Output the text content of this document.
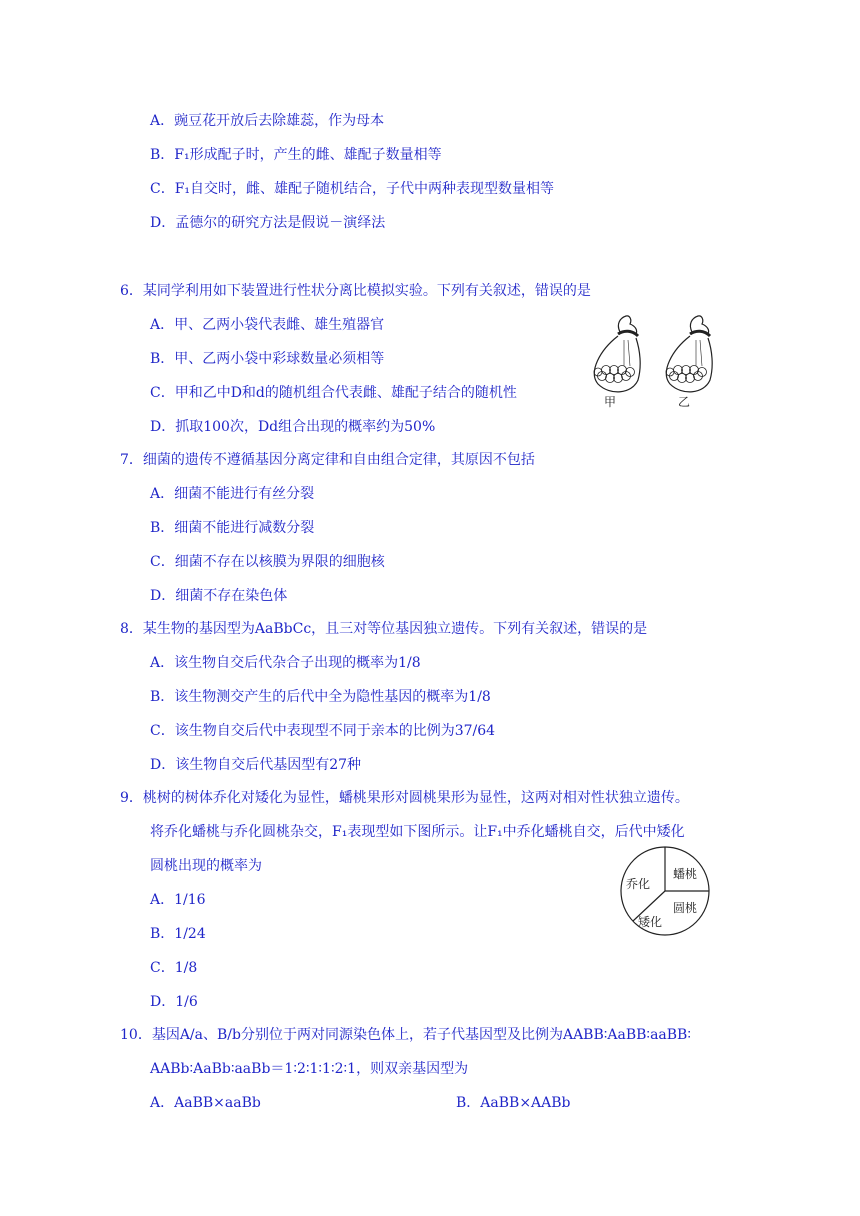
A．豌豆花开放后去除雄蕊，作为母本
B．F₁形成配子时，产生的雌、雄配子数量相等
C．F₁自交时，雌、雄配子随机结合，子代中两种表现型数量相等
D．孟德尔的研究方法是假说－演绎法
6．某同学利用如下装置进行性状分离比模拟实验。下列有关叙述，错误的是
A．甲、乙两小袋代表雌、雄生殖器官
B．甲、乙两小袋中彩球数量必须相等
C．甲和乙中D和d的随机组合代表雌、雄配子结合的随机性
D．抓取100次，Dd组合出现的概率约为50%
甲	乙
7．细菌的遗传不遵循基因分离定律和自由组合定律，其原因不包括
A．细菌不能进行有丝分裂
B．细菌不能进行减数分裂
C．细菌不存在以核膜为界限的细胞核
D．细菌不存在染色体
8．某生物的基因型为AaBbCc，且三对等位基因独立遗传。下列有关叙述，错误的是
A．该生物自交后代杂合子出现的概率为1/8
B．该生物测交产生的后代中全为隐性基因的概率为1/8
C．该生物自交后代中表现型不同于亲本的比例为37/64
D．该生物自交后代基因型有27种
9．桃树的树体乔化对矮化为显性，蟠桃果形对圆桃果形为显性，这两对相对性状独立遗传。
将乔化蟠桃与乔化圆桃杂交，F₁表现型如下图所示。让F₁中乔化蟠桃自交，后代中矮化
圆桃出现的概率为
A．1/16
B．1/24
C．1/8
D．1/6
乔化
蟠桃
圆桃
矮化
10．基因A/a、B/b分别位于两对同源染色体上，若子代基因型及比例为AABB∶AaBB∶aaBB∶
AABb∶AaBb∶aaBb＝1∶2∶1∶1∶2∶1，则双亲基因型为
A．AaBB×aaBb	B．AaBB×AABb
